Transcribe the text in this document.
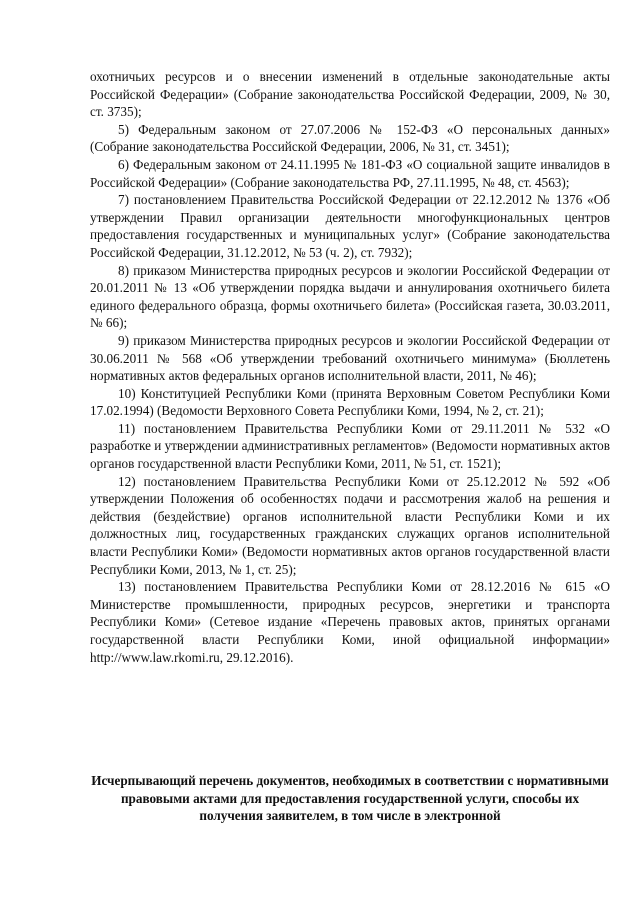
охотничьих ресурсов и о внесении изменений в отдельные законодательные акты Российской Федерации» (Собрание законодательства Российской Федерации, 2009, № 30, ст. 3735);

5) Федеральным законом от 27.07.2006 № 152-ФЗ «О персональных данных» (Собрание законодательства Российской Федерации, 2006, № 31, ст. 3451);

6) Федеральным законом от 24.11.1995 № 181-ФЗ «О социальной защите инвалидов в Российской Федерации» (Собрание законодательства РФ, 27.11.1995, № 48, ст. 4563);

7) постановлением Правительства Российской Федерации от 22.12.2012 № 1376 «Об утверждении Правил организации деятельности многофункциональных центров предоставления государственных и муниципальных услуг» (Собрание законодательства Российской Федерации, 31.12.2012, № 53 (ч. 2), ст. 7932);

8) приказом Министерства природных ресурсов и экологии Российской Федерации от 20.01.2011 № 13 «Об утверждении порядка выдачи и аннулирования охотничьего билета единого федерального образца, формы охотничьего билета» (Российская газета, 30.03.2011, № 66);

9) приказом Министерства природных ресурсов и экологии Российской Федерации от 30.06.2011 № 568 «Об утверждении требований охотничьего минимума» (Бюллетень нормативных актов федеральных органов исполнительной власти, 2011, № 46);

10) Конституцией Республики Коми (принята Верховным Советом Республики Коми 17.02.1994) (Ведомости Верховного Совета Республики Коми, 1994, № 2, ст. 21);

11) постановлением Правительства Республики Коми от 29.11.2011 № 532 «О разработке и утверждении административных регламентов» (Ведомости нормативных актов органов государственной власти Республики Коми, 2011, № 51, ст. 1521);

12) постановлением Правительства Республики Коми от 25.12.2012 № 592 «Об утверждении Положения об особенностях подачи и рассмотрения жалоб на решения и действия (бездействие) органов исполнительной власти Республики Коми и их должностных лиц, государственных гражданских служащих органов исполнительной власти Республики Коми» (Ведомости нормативных актов органов государственной власти Республики Коми, 2013, № 1, ст. 25);

13) постановлением Правительства Республики Коми от 28.12.2016 № 615 «О Министерстве промышленности, природных ресурсов, энергетики и транспорта Республики Коми» (Сетевое издание «Перечень правовых актов, принятых органами государственной власти Республики Коми, иной официальной информации» http://www.law.rkomi.ru, 29.12.2016).

Исчерпывающий перечень документов, необходимых в соответствии с нормативными правовыми актами для предоставления государственной услуги, способы их получения заявителем, в том числе в электронной
